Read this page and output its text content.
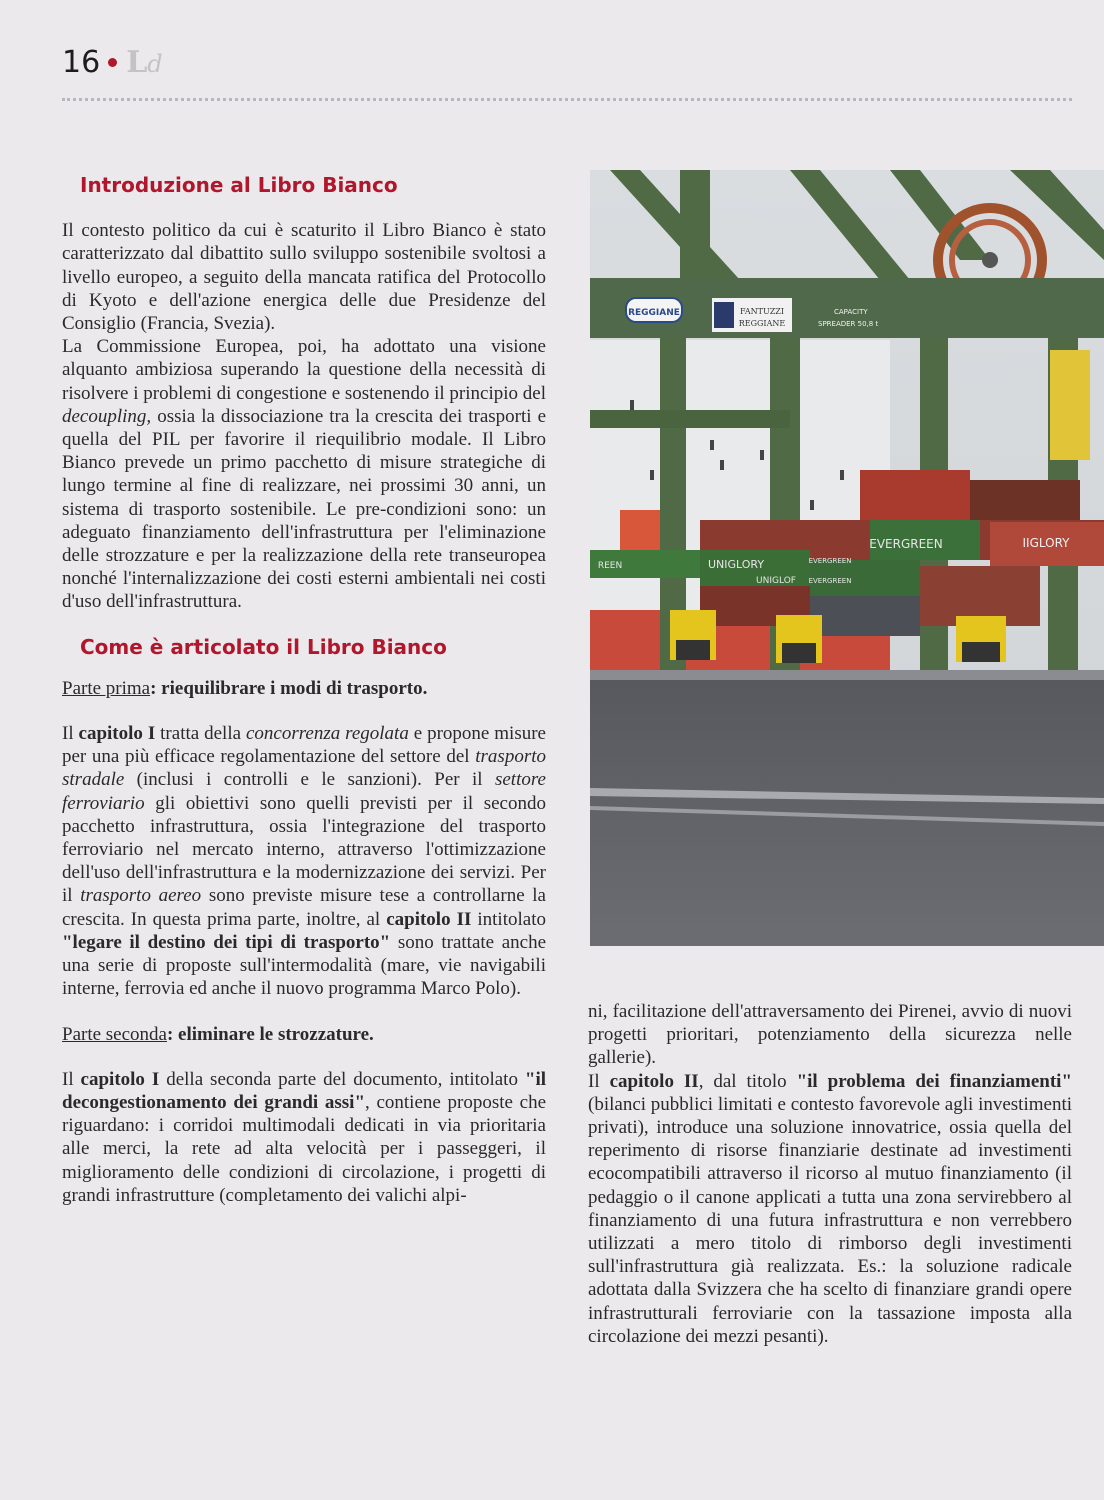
16 Ld
Introduzione al Libro Bianco

Il contesto politico da cui è scaturito il Libro Bianco è stato caratterizzato dal dibattito sullo sviluppo sostenibile svoltosi a livello europeo, a seguito della mancata ratifica del Protocollo di Kyoto e dell'azione energica delle due Presidenze del Consiglio (Francia, Svezia).

La Commissione Europea, poi, ha adottato una visione alquanto ambiziosa superando la questione della necessità di risolvere i problemi di congestione e sostenendo il principio del decoupling, ossia la dissociazione tra la crescita dei trasporti e quella del PIL per favorire il riequilibrio modale. Il Libro Bianco prevede un primo pacchetto di misure strategiche di lungo termine al fine di realizzare, nei prossimi 30 anni, un sistema di trasporto sostenibile. Le pre-condizioni sono: un adeguato finanziamento dell'infrastruttura per l'eliminazione delle strozzature e per la realizzazione della rete transeuropea nonché l'internalizzazione dei costi esterni ambientali nei costi d'uso dell'infrastruttura.

Come è articolato il Libro Bianco

Parte prima: riequilibrare i modi di trasporto.

Il capitolo I tratta della concorrenza regolata e propone misure per una più efficace regolamentazione del settore del trasporto stradale (inclusi i controlli e le sanzioni). Per il settore ferroviario gli obiettivi sono quelli previsti per il secondo pacchetto infrastruttura, ossia l'integrazione del trasporto ferroviario nel mercato interno, attraverso l'ottimizzazione dell'uso dell'infrastruttura e la modernizzazione dei servizi. Per il trasporto aereo sono previste misure tese a controllarne la crescita. In questa prima parte, inoltre, al capitolo II intitolato "legare il destino dei tipi di trasporto" sono trattate anche una serie di proposte sull'intermodalità (mare, vie navigabili interne, ferrovia ed anche il nuovo programma Marco Polo).

Parte seconda: eliminare le strozzature.

Il capitolo I della seconda parte del documento, intitolato "il decongestionamento dei grandi assi", contiene proposte che riguardano: i corridoi multimodali dedicati in via prioritaria alle merci, la rete ad alta velocità per i passeggeri, il miglioramento delle condizioni di circolazione, i progetti di grandi infrastrutture (completamento dei valichi alpi-

REGGIANE	FANTUZZI
REGGIANE
CAPACITY
SPREADER 50,8 t
EVERGREEN
UNIGLORY
IIGLORY
EVERGREEN
EVERGREEN
UNIGLOF
REEN

ni, facilitazione dell'attraversamento dei Pirenei, avvio di nuovi progetti prioritari, potenziamento della sicurezza nelle gallerie).

Il capitolo II, dal titolo "il problema dei finanziamenti" (bilanci pubblici limitati e contesto favorevole agli investimenti privati), introduce una soluzione innovatrice, ossia quella del reperimento di risorse finanziarie destinate ad investimenti ecocompatibili attraverso il ricorso al mutuo finanziamento (il pedaggio o il canone applicati a tutta una zona servirebbero al finanziamento di una futura infrastruttura e non verrebbero utilizzati a mero titolo di rimborso degli investimenti sull'infrastruttura già realizzata. Es.: la soluzione radicale adottata dalla Svizzera che ha scelto di finanziare grandi opere infrastrutturali ferroviarie con la tassazione imposta alla circolazione dei mezzi pesanti).
